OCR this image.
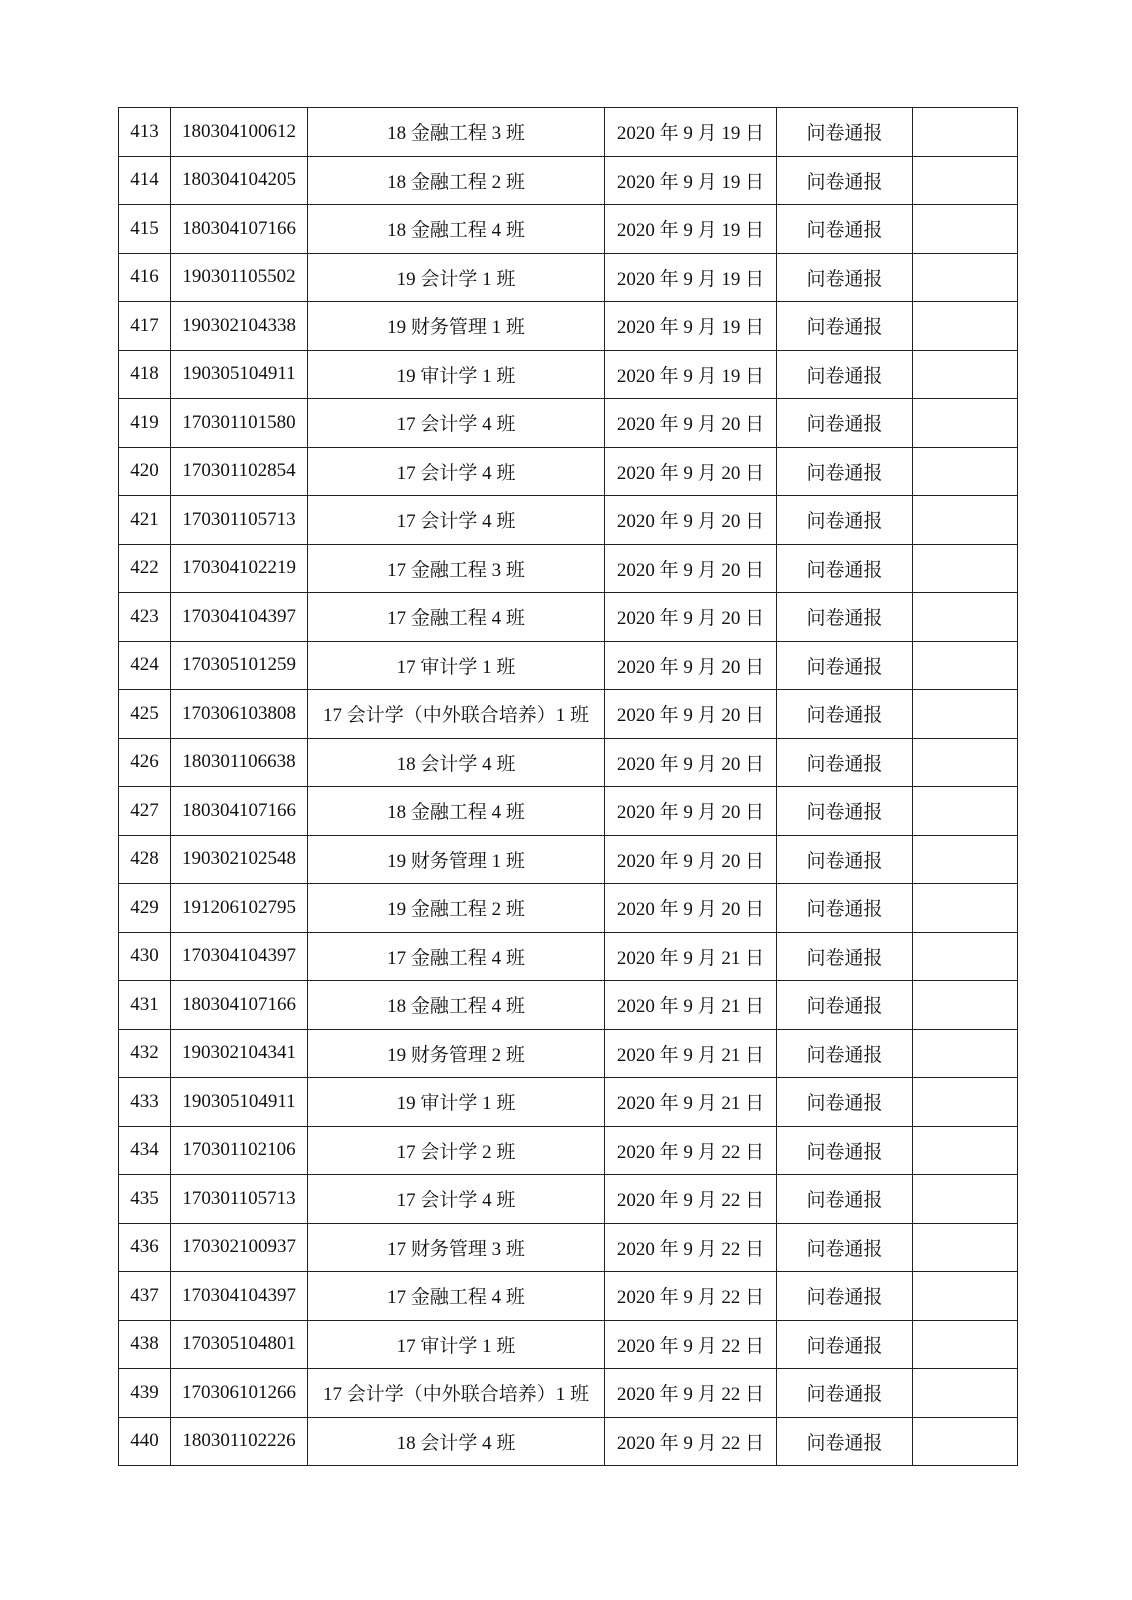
413	180304100612	18 金融工程 3 班	2020 年 9 月 19 日	问卷通报	
414	180304104205	18 金融工程 2 班	2020 年 9 月 19 日	问卷通报	
415	180304107166	18 金融工程 4 班	2020 年 9 月 19 日	问卷通报	
416	190301105502	19 会计学 1 班	2020 年 9 月 19 日	问卷通报	
417	190302104338	19 财务管理 1 班	2020 年 9 月 19 日	问卷通报	
418	190305104911	19 审计学 1 班	2020 年 9 月 19 日	问卷通报	
419	170301101580	17 会计学 4 班	2020 年 9 月 20 日	问卷通报	
420	170301102854	17 会计学 4 班	2020 年 9 月 20 日	问卷通报	
421	170301105713	17 会计学 4 班	2020 年 9 月 20 日	问卷通报	
422	170304102219	17 金融工程 3 班	2020 年 9 月 20 日	问卷通报	
423	170304104397	17 金融工程 4 班	2020 年 9 月 20 日	问卷通报	
424	170305101259	17 审计学 1 班	2020 年 9 月 20 日	问卷通报	
425	170306103808	17 会计学（中外联合培养）1 班	2020 年 9 月 20 日	问卷通报	
426	180301106638	18 会计学 4 班	2020 年 9 月 20 日	问卷通报	
427	180304107166	18 金融工程 4 班	2020 年 9 月 20 日	问卷通报	
428	190302102548	19 财务管理 1 班	2020 年 9 月 20 日	问卷通报	
429	191206102795	19 金融工程 2 班	2020 年 9 月 20 日	问卷通报	
430	170304104397	17 金融工程 4 班	2020 年 9 月 21 日	问卷通报	
431	180304107166	18 金融工程 4 班	2020 年 9 月 21 日	问卷通报	
432	190302104341	19 财务管理 2 班	2020 年 9 月 21 日	问卷通报	
433	190305104911	19 审计学 1 班	2020 年 9 月 21 日	问卷通报	
434	170301102106	17 会计学 2 班	2020 年 9 月 22 日	问卷通报	
435	170301105713	17 会计学 4 班	2020 年 9 月 22 日	问卷通报	
436	170302100937	17 财务管理 3 班	2020 年 9 月 22 日	问卷通报	
437	170304104397	17 金融工程 4 班	2020 年 9 月 22 日	问卷通报	
438	170305104801	17 审计学 1 班	2020 年 9 月 22 日	问卷通报	
439	170306101266	17 会计学（中外联合培养）1 班	2020 年 9 月 22 日	问卷通报	
440	180301102226	18 会计学 4 班	2020 年 9 月 22 日	问卷通报	
